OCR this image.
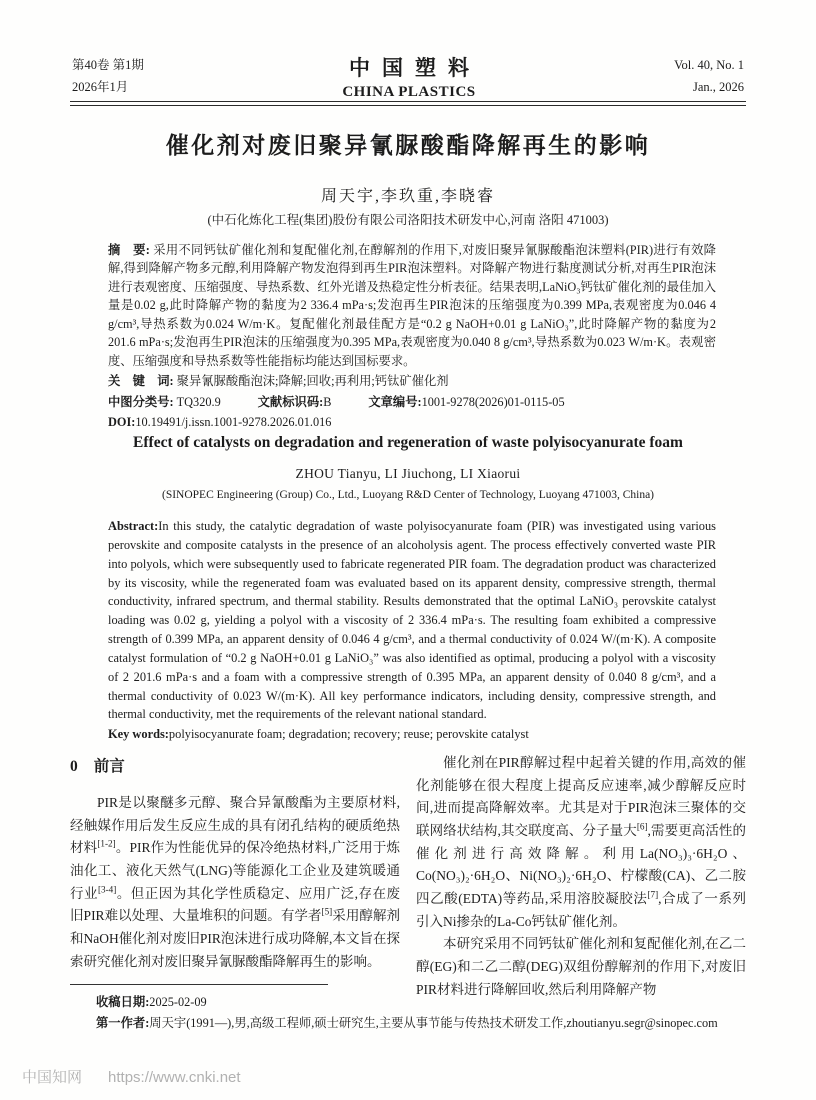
第40卷 第1期
2026年1月
中国塑料
CHINA PLASTICS
Vol. 40, No. 1
Jan., 2026
催化剂对废旧聚异氰脲酸酯降解再生的影响
周天宇,李玖重,李晓睿
(中石化炼化工程(集团)股份有限公司洛阳技术研发中心,河南 洛阳 471003)

摘　要: 采用不同钙钛矿催化剂和复配催化剂,在醇解剂的作用下,对废旧聚异氰脲酸酯泡沫塑料(PIR)进行有效降解,得到降解产物多元醇,利用降解产物发泡得到再生PIR泡沫塑料。对降解产物进行黏度测试分析,对再生PIR泡沫进行表观密度、压缩强度、导热系数、红外光谱及热稳定性分析表征。结果表明,LaNiO₃钙钛矿催化剂的最佳加入量是0.02 g,此时降解产物的黏度为2 336.4 mPa·s;发泡再生PIR泡沫的压缩强度为0.399 MPa,表观密度为0.046 4 g/cm³,导热系数为0.024 W/m·K。复配催化剂最佳配方是“0.2 g NaOH+0.01 g LaNiO₃”,此时降解产物的黏度为2 201.6 mPa·s;发泡再生PIR泡沫的压缩强度为0.395 MPa,表观密度为0.040 8 g/cm³,导热系数为0.023 W/m·K。表观密度、压缩强度和导热系数等性能指标均能达到国标要求。

关　键　词: 聚异氰脲酸酯泡沫;降解;回收;再利用;钙钛矿催化剂

中图分类号: TQ320.9　　　文献标识码:B　　　文章编号:1001-9278(2026)01-0115-05

DOI:10.19491/j.issn.1001-9278.2026.01.016

Effect of catalysts on degradation and regeneration of waste polyisocyanurate foam
ZHOU Tianyu, LI Jiuchong, LI Xiaorui
(SINOPEC Engineering (Group) Co., Ltd., Luoyang R&D Center of Technology, Luoyang 471003, China)

Abstract:In this study, the catalytic degradation of waste polyisocyanurate foam (PIR) was investigated using various perovskite and composite catalysts in the presence of an alcoholysis agent. The process effectively converted waste PIR into polyols, which were subsequently used to fabricate regenerated PIR foam. The degradation product was characterized by its viscosity, while the regenerated foam was evaluated based on its apparent density, compressive strength, thermal conductivity, infrared spectrum, and thermal stability. Results demonstrated that the optimal LaNiO₃ perovskite catalyst loading was 0.02 g, yielding a polyol with a viscosity of 2 336.4 mPa·s. The resulting foam exhibited a compressive strength of 0.399 MPa, an apparent density of 0.046 4 g/cm³, and a thermal conductivity of 0.024 W/(m·K). A composite catalyst formulation of “0.2 g NaOH+0.01 g LaNiO₃” was also identified as optimal, producing a polyol with a viscosity of 2 201.6 mPa·s and a foam with a compressive strength of 0.395 MPa, an apparent density of 0.040 8 g/cm³, and a thermal conductivity of 0.023 W/(m·K). All key performance indicators, including density, compressive strength, and thermal conductivity, met the requirements of the relevant national standard.

Key words:polyisocyanurate foam; degradation; recovery; reuse; perovskite catalyst

0 前言

PIR是以聚醚多元醇、聚合异氰酸酯为主要原材料,经触媒作用后发生反应生成的具有闭孔结构的硬质绝热材料[1-2]。PIR作为性能优异的保冷绝热材料,广泛用于炼油化工、液化天然气(LNG)等能源化工企业及建筑暖通行业[3-4]。但正因为其化学性质稳定、应用广泛,存在废旧PIR难以处理、大量堆积的问题。有学者[5]采用醇解剂和NaOH催化剂对废旧PIR泡沫进行成功降解,本文旨在探索研究催化剂对废旧聚异氰脲酸酯降解再生的影响。

催化剂在PIR醇解过程中起着关键的作用,高效的催化剂能够在很大程度上提高反应速率,减少醇解反应时间,进而提高降解效率。尤其是对于PIR泡沫三聚体的交联网络状结构,其交联度高、分子量大[6],需要更高活性的催化剂进行高效降解。利用La(NO₃)₃·6H₂O、Co(NO₃)₂·6H₂O、Ni(NO₃)₂·6H₂O、柠檬酸(CA)、乙二胺四乙酸(EDTA)等药品,采用溶胶凝胶法[7],合成了一系列引入Ni掺杂的La-Co钙钛矿催化剂。

本研究采用不同钙钛矿催化剂和复配催化剂,在乙二醇(EG)和二乙二醇(DEG)双组份醇解剂的作用下,对废旧PIR材料进行降解回收,然后利用降解产物

收稿日期:2025-02-09
第一作者:周天宇(1991—),男,高级工程师,硕士研究生,主要从事节能与传热技术研发工作,zhoutianyu.segr@sinopec.com
中国知网 https://www.cnki.net
